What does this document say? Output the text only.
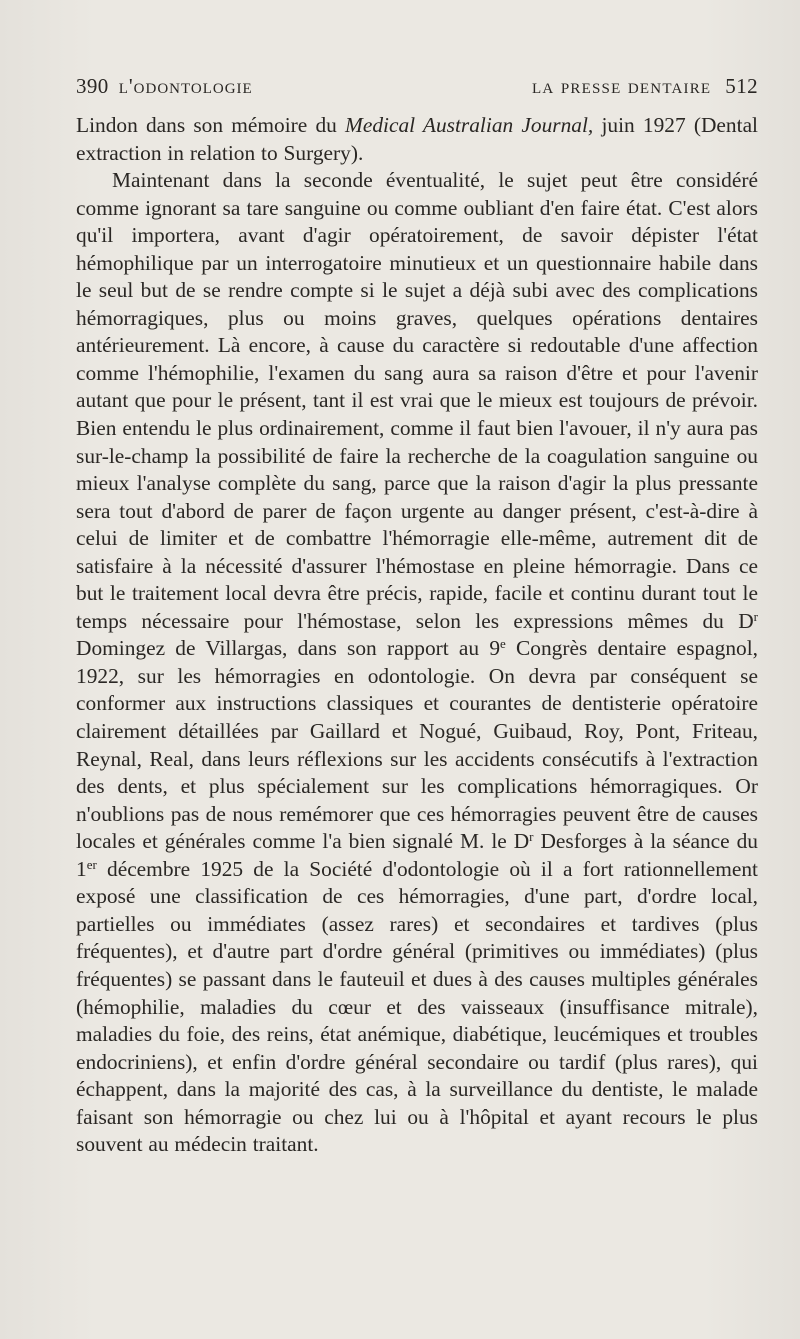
390 l'odontologie	la presse dentaire 512

Lindon dans son mémoire du Medical Australian Journal, juin 1927 (Dental extraction in relation to Surgery).

Maintenant dans la seconde éventualité, le sujet peut être considéré comme ignorant sa tare sanguine ou comme oubliant d'en faire état. C'est alors qu'il importera, avant d'agir opératoirement, de savoir dépister l'état hémophilique par un interrogatoire minutieux et un questionnaire habile dans le seul but de se rendre compte si le sujet a déjà subi avec des complications hémorragiques, plus ou moins graves, quelques opérations dentaires antérieurement. Là encore, à cause du caractère si redoutable d'une affection comme l'hémophilie, l'examen du sang aura sa raison d'être et pour l'avenir autant que pour le présent, tant il est vrai que le mieux est toujours de prévoir. Bien entendu le plus ordinairement, comme il faut bien l'avouer, il n'y aura pas sur-le-champ la possibilité de faire la recherche de la coagulation sanguine ou mieux l'analyse complète du sang, parce que la raison d'agir la plus pressante sera tout d'abord de parer de façon urgente au danger présent, c'est-à-dire à celui de limiter et de combattre l'hémorragie elle-même, autrement dit de satisfaire à la nécessité d'assurer l'hémostase en pleine hémorragie. Dans ce but le traitement local devra être précis, rapide, facile et continu durant tout le temps nécessaire pour l'hémostase, selon les expressions mêmes du $D^r$ Domingez de Villargas, dans son rapport au 9e Congrès dentaire espagnol, 1922, sur les hémorragies en odontologie. On devra par conséquent se conformer aux instructions classiques et courantes de dentisterie opératoire clairement détaillées par Gaillard et Nogué, Guibaud, Roy, Pont, Friteau, Reynal, Real, dans leurs réflexions sur les accidents consécutifs à l'extraction des dents, et plus spécialement sur les complications hémorragiques. Or n'oublions pas de nous remémorer que ces hémorragies peuvent être de causes locales et générales comme l'a bien signalé M. le $D^r$ Desforges à la séance du 1er décembre 1925 de la Société d'odontologie où il a fort rationnellement exposé une classification de ces hémorragies, d'une part, d'ordre local, partielles ou immédiates (assez rares) et secondaires et tardives (plus fréquentes), et d'autre part d'ordre général (primitives ou immédiates) (plus fréquentes) se passant dans le fauteuil et dues à des causes multiples générales (hémophilie, maladies du cœur et des vaisseaux (insuffisance mitrale), maladies du foie, des reins, état anémique, diabétique, leucémiques et troubles endocriniens), et enfin d'ordre général secondaire ou tardif (plus rares), qui échappent, dans la majorité des cas, à la surveillance du dentiste, le malade faisant son hémorragie ou chez lui ou à l'hôpital et ayant recours le plus souvent au médecin traitant.
